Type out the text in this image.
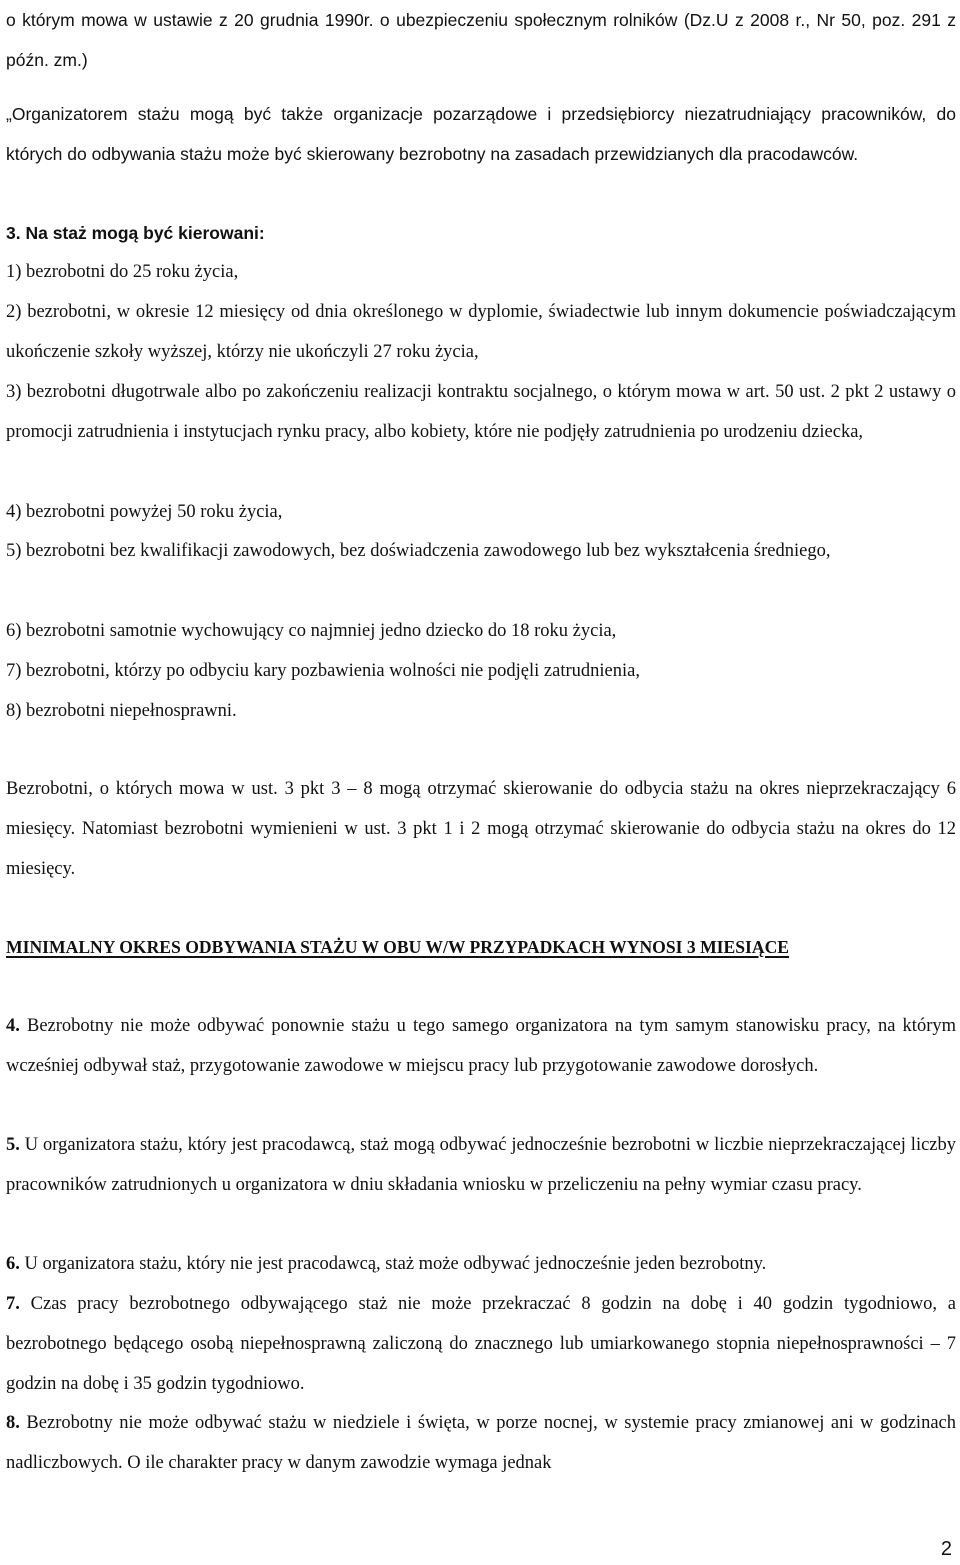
o którym mowa w ustawie z 20 grudnia 1990r. o ubezpieczeniu społecznym rolników (Dz.U z 2008 r., Nr 50, poz. 291 z późn. zm.)

„Organizatorem stażu mogą być także organizacje pozarządowe i przedsiębiorcy niezatrudniający pracowników, do których do odbywania stażu może być skierowany bezrobotny na zasadach przewidzianych dla pracodawców.

3. Na staż mogą być kierowani:

1) bezrobotni do 25 roku życia,

2) bezrobotni, w okresie 12 miesięcy od dnia określonego w dyplomie, świadectwie lub innym dokumencie poświadczającym ukończenie szkoły wyższej, którzy nie ukończyli 27 roku życia,

3) bezrobotni długotrwale albo po zakończeniu realizacji kontraktu socjalnego, o którym mowa w art. 50 ust. 2 pkt 2 ustawy o promocji zatrudnienia i instytucjach rynku pracy, albo kobiety, które nie podjęły zatrudnienia po urodzeniu dziecka,

4) bezrobotni powyżej 50 roku życia,

5) bezrobotni bez kwalifikacji zawodowych, bez doświadczenia zawodowego lub bez wykształcenia średniego,

6) bezrobotni samotnie wychowujący co najmniej jedno dziecko do 18 roku życia,

7) bezrobotni, którzy po odbyciu kary pozbawienia wolności nie podjęli zatrudnienia,

8) bezrobotni niepełnosprawni.

Bezrobotni, o których mowa w ust. 3 pkt 3 – 8 mogą otrzymać skierowanie do odbycia stażu na okres nieprzekraczający 6 miesięcy. Natomiast bezrobotni wymienieni w ust. 3 pkt 1 i 2 mogą otrzymać skierowanie do odbycia stażu na okres do 12 miesięcy.

MINIMALNY OKRES ODBYWANIA STAŻU W OBU W/W PRZYPADKACH WYNOSI 3 MIESIĄCE

4. Bezrobotny nie może odbywać ponownie stażu u tego samego organizatora na tym samym stanowisku pracy, na którym wcześniej odbywał staż, przygotowanie zawodowe w miejscu pracy lub przygotowanie zawodowe dorosłych.

5. U organizatora stażu, który jest pracodawcą, staż mogą odbywać jednocześnie bezrobotni w liczbie nieprzekraczającej liczby pracowników zatrudnionych u organizatora w dniu składania wniosku w przeliczeniu na pełny wymiar czasu pracy.

6. U organizatora stażu, który nie jest pracodawcą, staż może odbywać jednocześnie jeden bezrobotny.

7. Czas pracy bezrobotnego odbywającego staż nie może przekraczać 8 godzin na dobę i 40 godzin tygodniowo, a bezrobotnego będącego osobą niepełnosprawną zaliczoną do znacznego lub umiarkowanego stopnia niepełnosprawności – 7 godzin na dobę i 35 godzin tygodniowo.

8. Bezrobotny nie może odbywać stażu w niedziele i święta, w porze nocnej, w systemie pracy zmianowej ani w godzinach nadliczbowych. O ile charakter pracy w danym zawodzie wymaga jednak

2
